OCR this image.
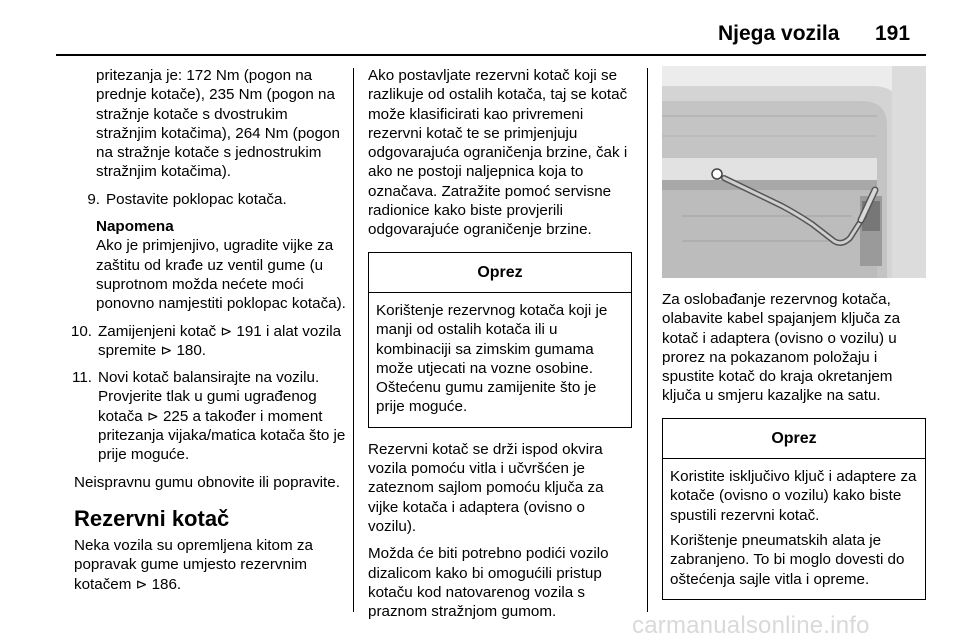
Njega vozila 191

pritezanja je: 172 Nm (pogon na prednje kotače), 235 Nm (pogon na stražnje kotače s dvostrukim stražnjim kotačima), 264 Nm (pogon na stražnje kotače s jednostrukim stražnjim kotačima).

9. Postavite poklopac kotača.

Napomena

Ako je primjenjivo, ugradite vijke za zaštitu od krađe uz ventil gume (u suprotnom možda nećete moći ponovno namjestiti poklopac kotača).

10. Zamijenjeni kotač ⊳ 191 i alat vozila spremite ⊳ 180.
11. Novi kotač balansirajte na vozilu. Provjerite tlak u gumi ugrađenog kotača ⊳ 225 a također i moment pritezanja vijaka/matica kotača što je prije moguće.

Neispravnu gumu obnovite ili popravite.

Rezervni kotač

Neka vozila su opremljena kitom za popravak gume umjesto rezervnim kotačem ⊳ 186.

Ako postavljate rezervni kotač koji se razlikuje od ostalih kotača, taj se kotač može klasificirati kao privremeni rezervni kotač te se primjenjuju odgovarajuća ograničenja brzine, čak i ako ne postoji naljepnica koja to označava. Zatražite pomoć servisne radionice kako biste provjerili odgovarajuće ograničenje brzine.

Oprez

Korištenje rezervnog kotača koji je manji od ostalih kotača ili u kombinaciji sa zimskim gumama može utjecati na vozne osobine. Oštećenu gumu zamijenite što je prije moguće.

Rezervni kotač se drži ispod okvira vozila pomoću vitla i učvršćen je zateznom sajlom pomoću ključa za vijke kotača i adaptera (ovisno o vozilu).

Možda će biti potrebno podići vozilo dizalicom kako bi omogućili pristup kotaču kod natovarenog vozila s praznom stražnjom gumom.

Za oslobađanje rezervnog kotača, olabavite kabel spajanjem ključa za kotač i adaptera (ovisno o vozilu) u prorez na pokazanom položaju i spustite kotač do kraja okretanjem ključa u smjeru kazaljke na satu.

Oprez

Koristite isključivo ključ i adaptere za kotače (ovisno o vozilu) kako biste spustili rezervni kotač.

Korištenje pneumatskih alata je zabranjeno. To bi moglo dovesti do oštećenja sajle vitla i opreme.

carmanualsonline.info
